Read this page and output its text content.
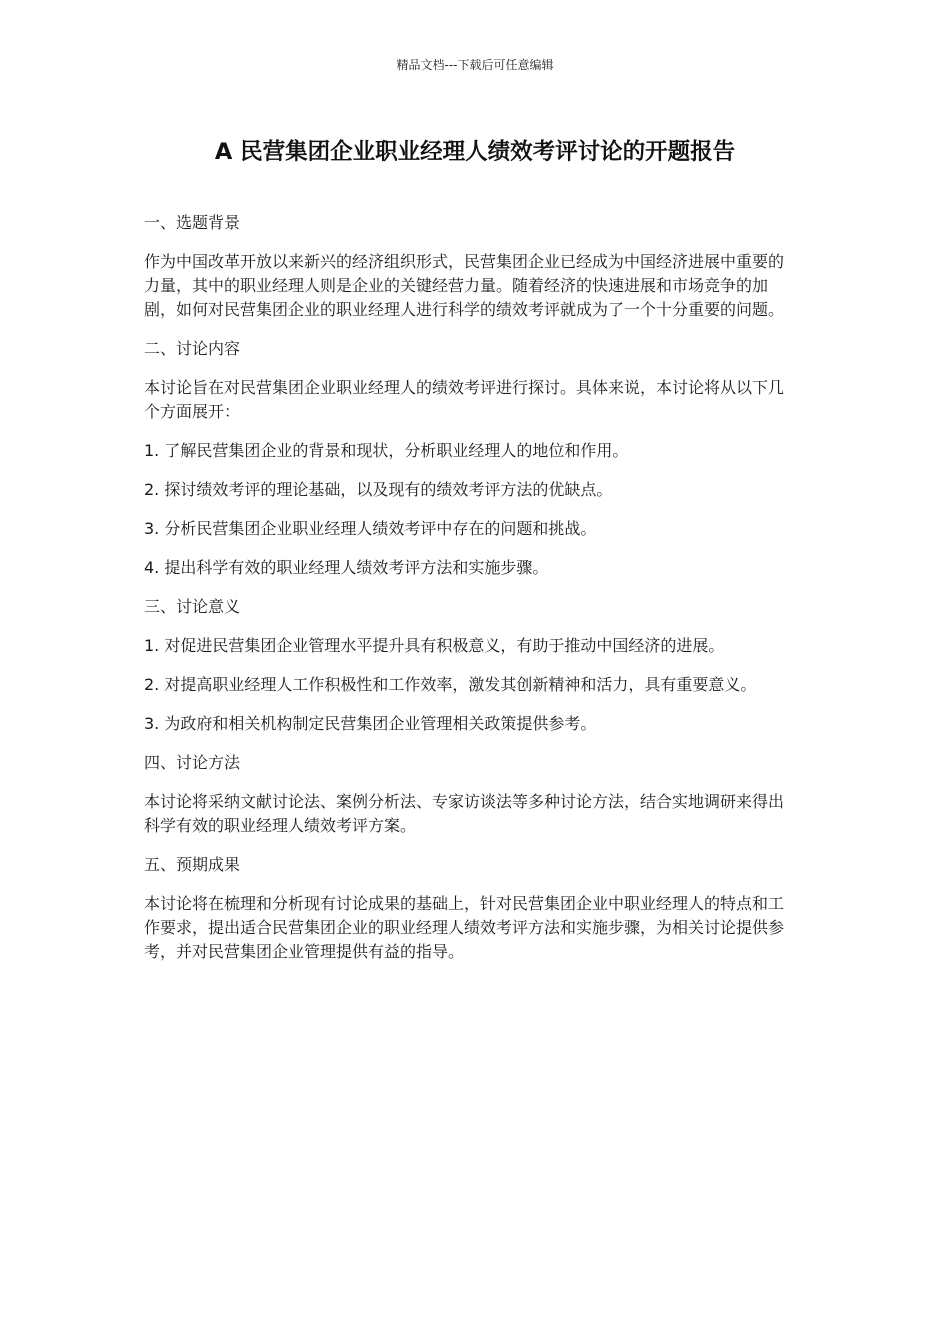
精品文档---下载后可任意编辑
A 民营集团企业职业经理人绩效考评讨论的开题报告
一、选题背景
作为中国改革开放以来新兴的经济组织形式，民营集团企业已经成为中国经济进展中重要的力量，其中的职业经理人则是企业的关键经营力量。随着经济的快速进展和市场竞争的加剧，如何对民营集团企业的职业经理人进行科学的绩效考评就成为了一个十分重要的问题。
二、讨论内容
本讨论旨在对民营集团企业职业经理人的绩效考评进行探讨。具体来说，本讨论将从以下几个方面展开：
1. 了解民营集团企业的背景和现状，分析职业经理人的地位和作用。
2. 探讨绩效考评的理论基础，以及现有的绩效考评方法的优缺点。
3. 分析民营集团企业职业经理人绩效考评中存在的问题和挑战。
4. 提出科学有效的职业经理人绩效考评方法和实施步骤。
三、讨论意义
1. 对促进民营集团企业管理水平提升具有积极意义，有助于推动中国经济的进展。
2. 对提高职业经理人工作积极性和工作效率，激发其创新精神和活力，具有重要意义。
3. 为政府和相关机构制定民营集团企业管理相关政策提供参考。
四、讨论方法
本讨论将采纳文献讨论法、案例分析法、专家访谈法等多种讨论方法，结合实地调研来得出科学有效的职业经理人绩效考评方案。
五、预期成果
本讨论将在梳理和分析现有讨论成果的基础上，针对民营集团企业中职业经理人的特点和工作要求，提出适合民营集团企业的职业经理人绩效考评方法和实施步骤，为相关讨论提供参考，并对民营集团企业管理提供有益的指导。
